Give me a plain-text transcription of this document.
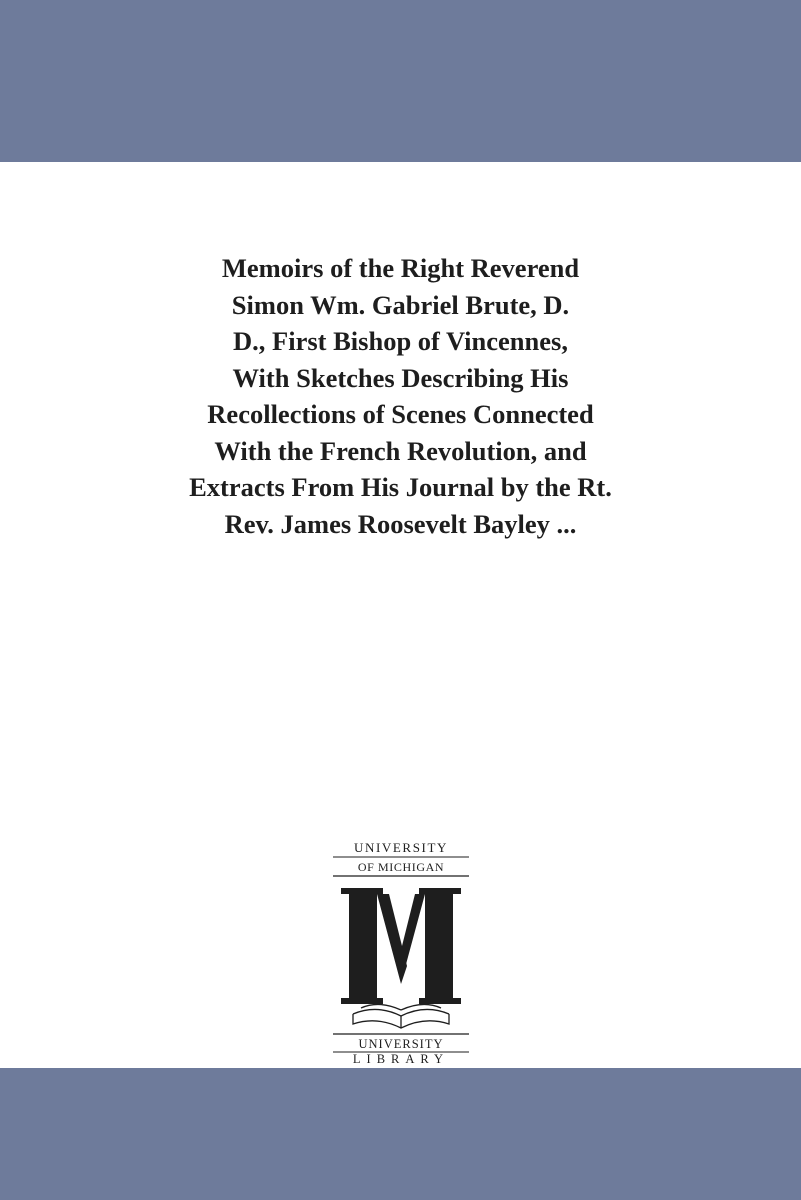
Memoirs of the Right Reverend
Simon Wm. Gabriel Brute, D.
D., First Bishop of Vincennes,
With Sketches Describing His
Recollections of Scenes Connected
With the French Revolution, and
Extracts From His Journal by the Rt.
Rev. James Roosevelt Bayley ...
UNIVERSITY
OF MICHIGAN
UNIVERSITY
LIBRARY
